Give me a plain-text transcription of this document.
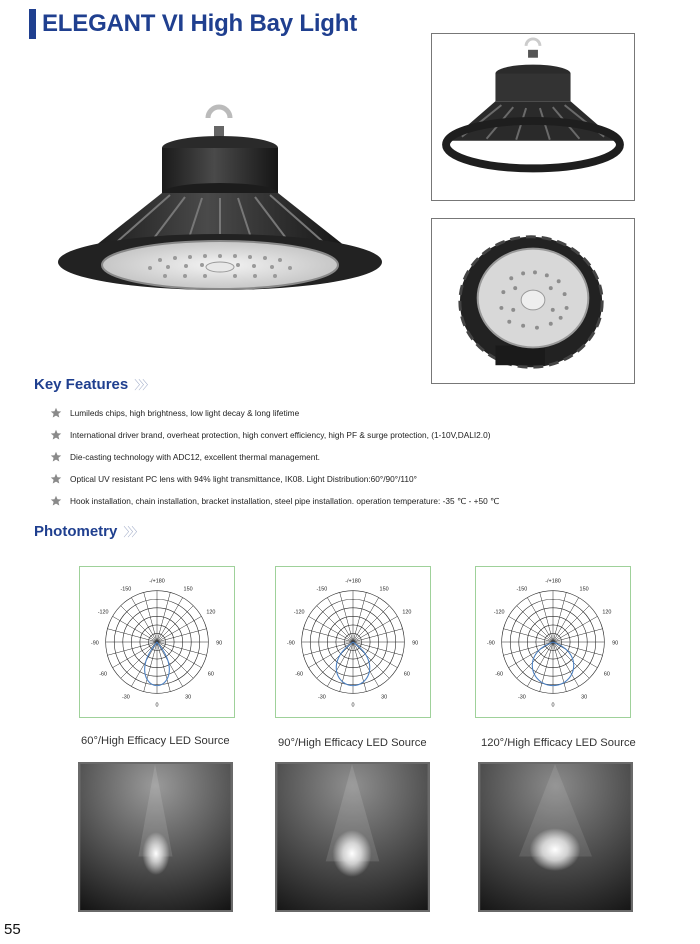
ELEGANT VI High Bay Light
Key Features 〉〉〉
Lumileds chips, high brightness, low light decay & long lifetime
International driver brand, overheat protection, high convert efficiency, high PF & surge protection, (1-10V,DALI2.0)
Die-casting technology with ADC12, excellent thermal management.
Optical UV resistant PC lens with 94% light transmittance, IK08. Light Distribution:60°/90°/110°
Hook installation, chain installation, bracket installation, steel pipe installation. operation temperature: -35 ℃ - +50 ℃
Photometry 〉〉〉
-/+180
-150	150
-120	120
-90	90
-60	60
-30	30
0
-/+180
-150	150
-120	120
-90	90
-60	60
-30	30
0
-/+180
-150	150
-120	120
-90	90
-60	60
-30	30
0
60°/High Efficacy LED Source	90°/High Efficacy LED Source	120°/High Efficacy LED Source
55
